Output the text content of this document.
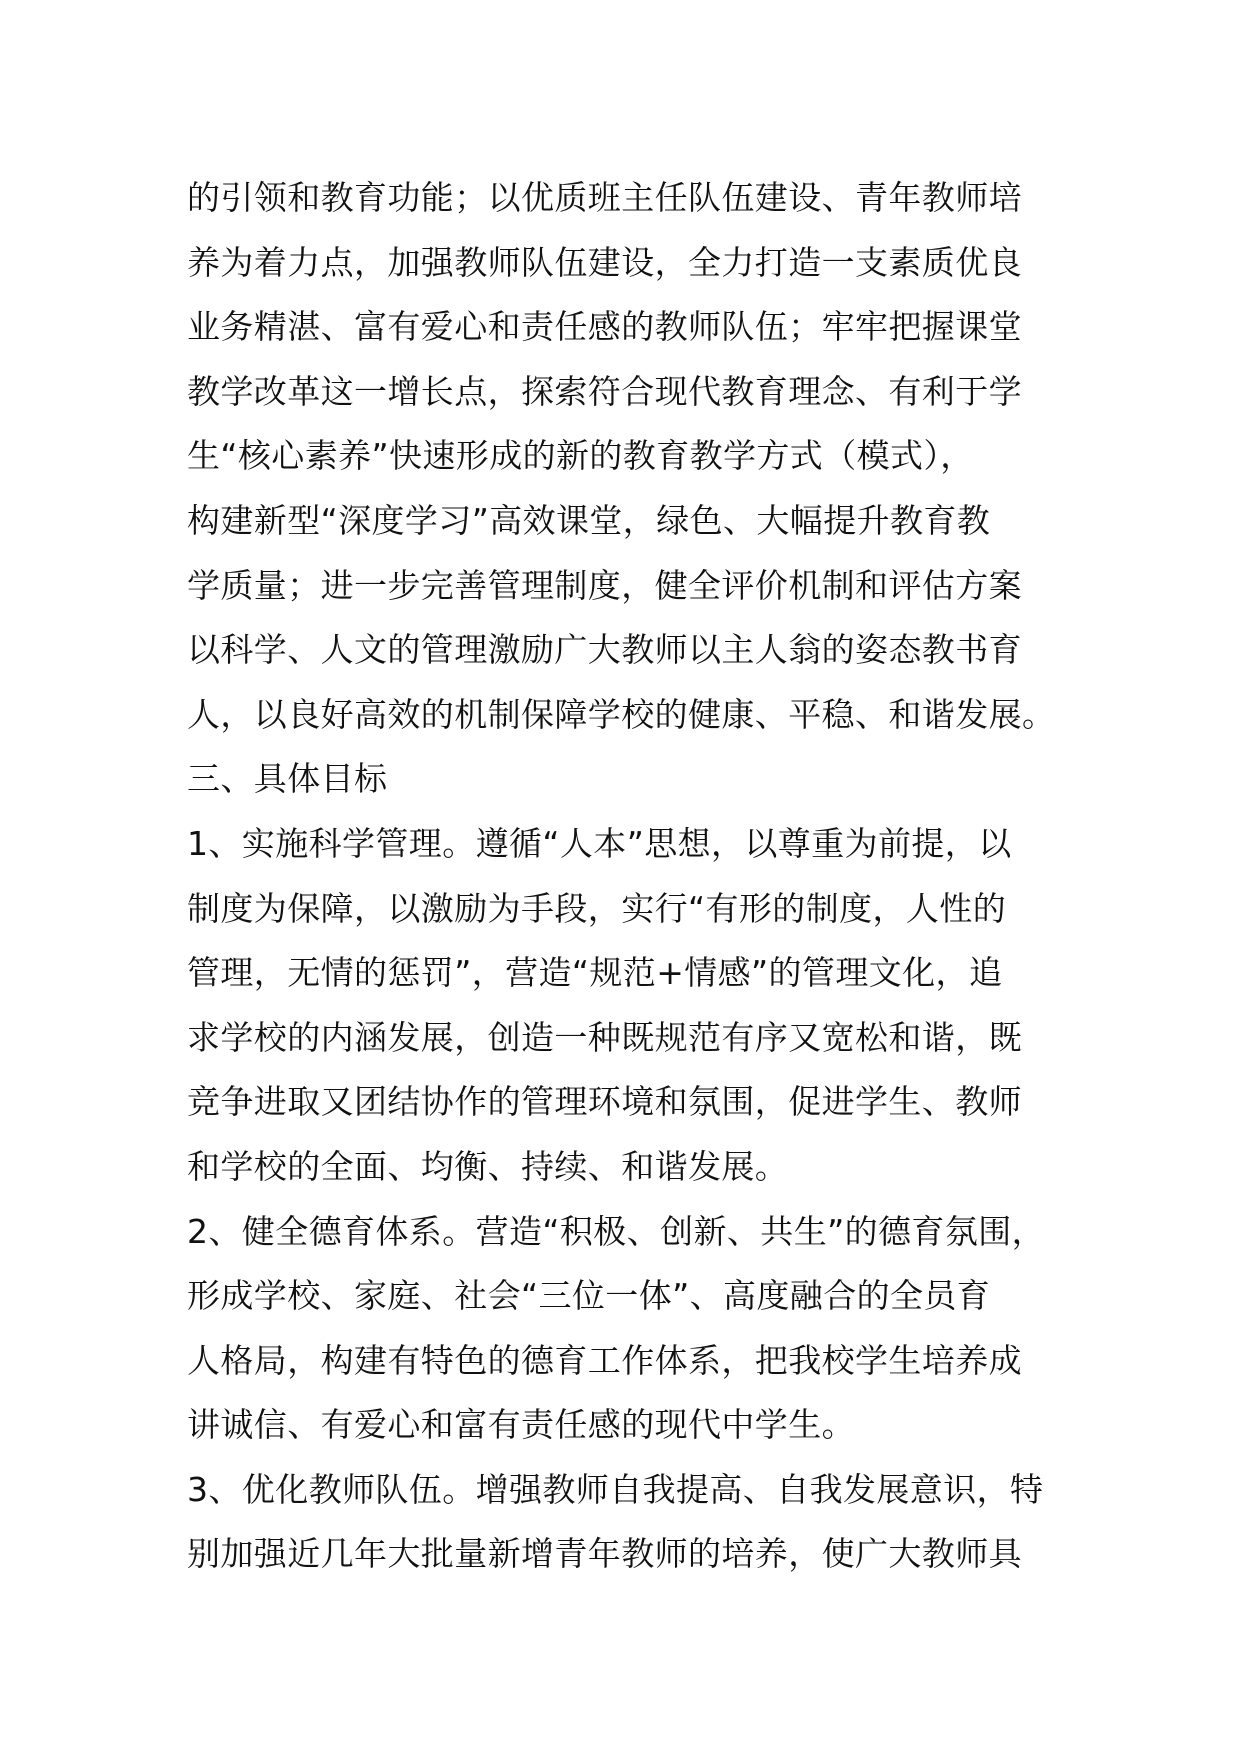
的引领和教育功能；以优质班主任队伍建设、青年教师培
养为着力点，加强教师队伍建设，全力打造一支素质优良
业务精湛、富有爱心和责任感的教师队伍；牢牢把握课堂
教学改革这一增长点，探索符合现代教育理念、有利于学
生“核心素养”快速形成的新的教育教学方式（模式），
构建新型“深度学习”高效课堂，绿色、大幅提升教育教
学质量；进一步完善管理制度，健全评价机制和评估方案
以科学、人文的管理激励广大教师以主人翁的姿态教书育
人，以良好高效的机制保障学校的健康、平稳、和谐发展。
三、具体目标
1、实施科学管理。遵循“人本”思想，以尊重为前提，以
制度为保障，以激励为手段，实行“有形的制度，人性的
管理，无情的惩罚”，营造“规范+情感”的管理文化，追
求学校的内涵发展，创造一种既规范有序又宽松和谐，既
竞争进取又团结协作的管理环境和氛围，促进学生、教师
和学校的全面、均衡、持续、和谐发展。
2、健全德育体系。营造“积极、创新、共生”的德育氛围，
形成学校、家庭、社会“三位一体”、高度融合的全员育
人格局，构建有特色的德育工作体系，把我校学生培养成
讲诚信、有爱心和富有责任感的现代中学生。
3、优化教师队伍。增强教师自我提高、自我发展意识，特
别加强近几年大批量新增青年教师的培养，使广大教师具
